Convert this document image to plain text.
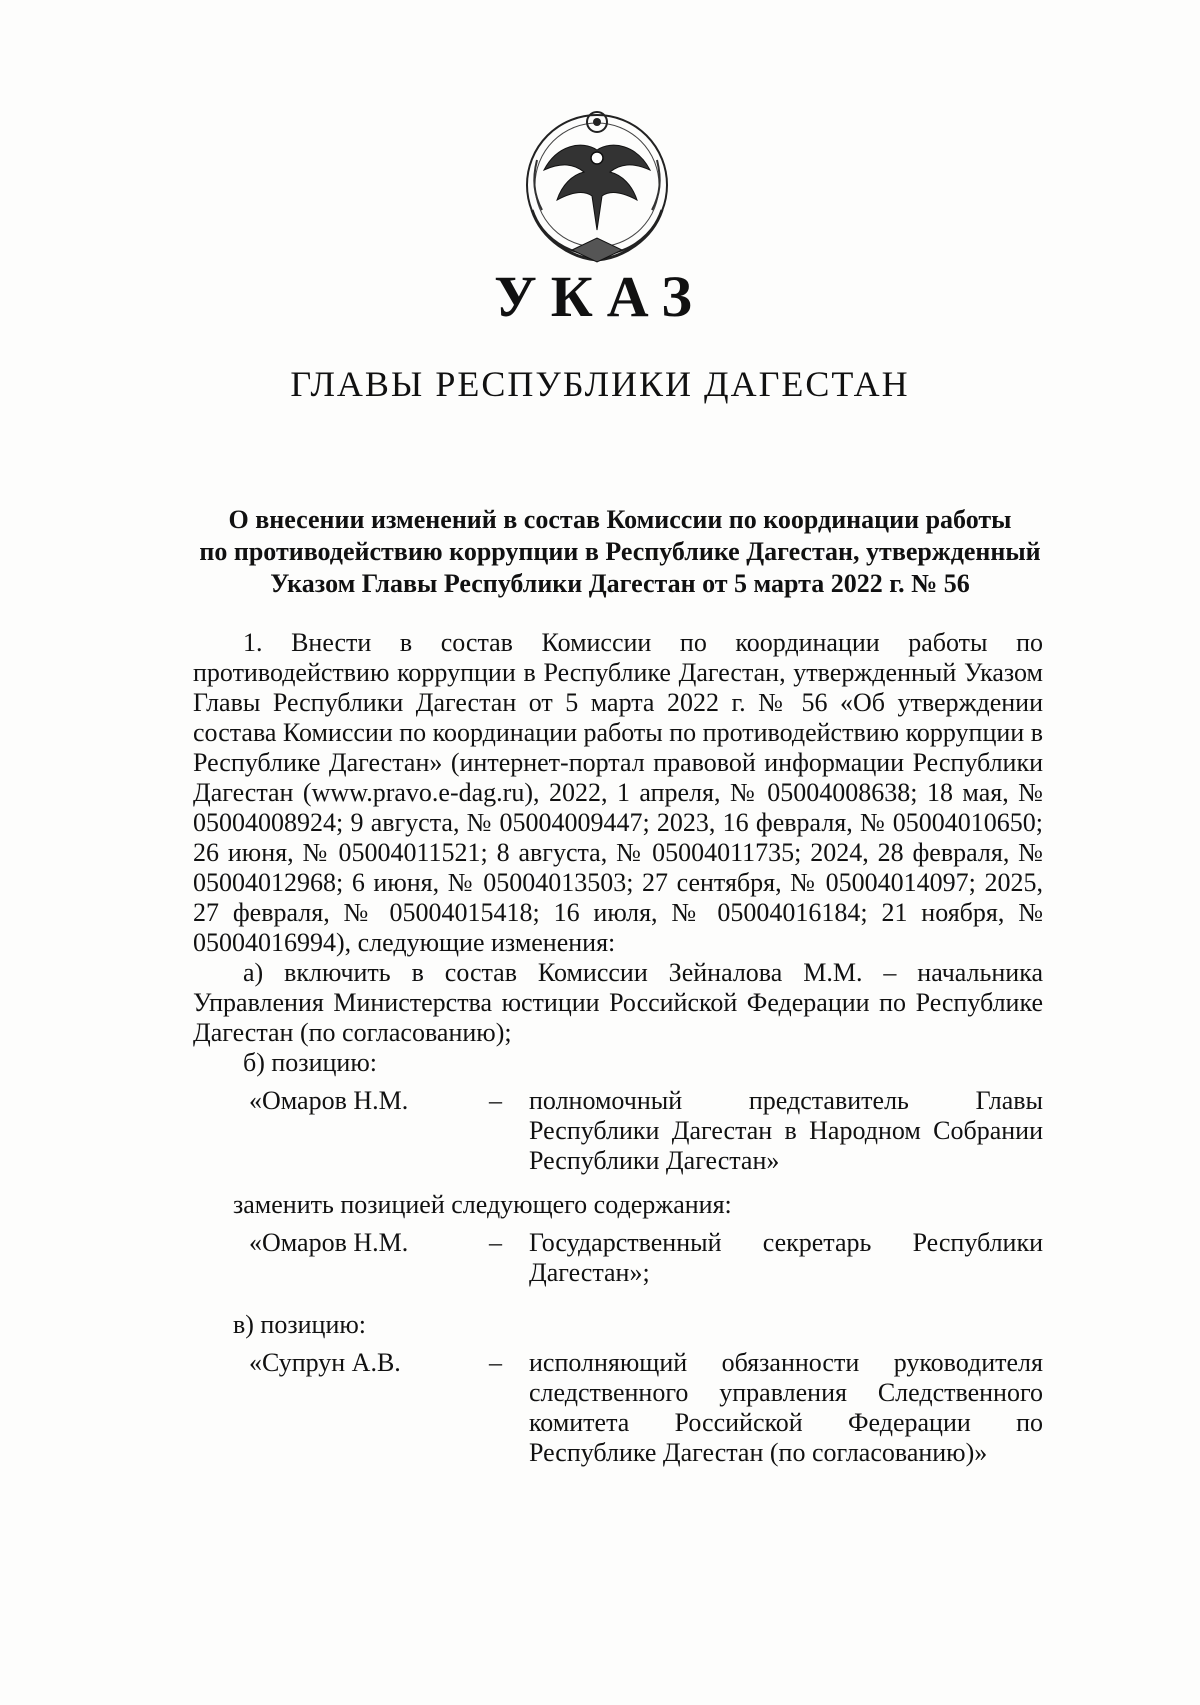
УКАЗ
ГЛАВЫ РЕСПУБЛИКИ ДАГЕСТАН
О внесении изменений в состав Комиссии по координации работы
по противодействию коррупции в Республике Дагестан, утвержденный
Указом Главы Республики Дагестан от 5 марта 2022 г. № 56

1. Внести в состав Комиссии по координации работы по противодействию коррупции в Республике Дагестан, утвержденный Указом Главы Республики Дагестан от 5 марта 2022 г. № 56 «Об утверждении состава Комиссии по координации работы по противодействию коррупции в Республике Дагестан» (интернет-портал правовой информации Республики Дагестан (www.pravo.e-dag.ru), 2022, 1 апреля, № 05004008638; 18 мая, № 05004008924; 9 августа, № 05004009447; 2023, 16 февраля, № 05004010650; 26 июня, № 05004011521; 8 августа, № 05004011735; 2024, 28 февраля, № 05004012968; 6 июня, № 05004013503; 27 сентября, № 05004014097; 2025, 27 февраля, № 05004015418; 16 июля, № 05004016184; 21 ноября, № 05004016994), следующие изменения:

а) включить в состав Комиссии Зейналова М.М. – начальника Управления Министерства юстиции Российской Федерации по Республике Дагестан (по согласованию);

б) позицию:

«Омаров Н.М.	–	полномочный представитель Главы Республики Дагестан в Народном Собрании Республики Дагестан»

заменить позицией следующего содержания:

«Омаров Н.М.	–	Государственный секретарь Республики Дагестан»;

в) позицию:

«Супрун А.В.	–	исполняющий обязанности руководителя следственного управления Следственного комитета Российской Федерации по Республике Дагестан (по согласованию)»
